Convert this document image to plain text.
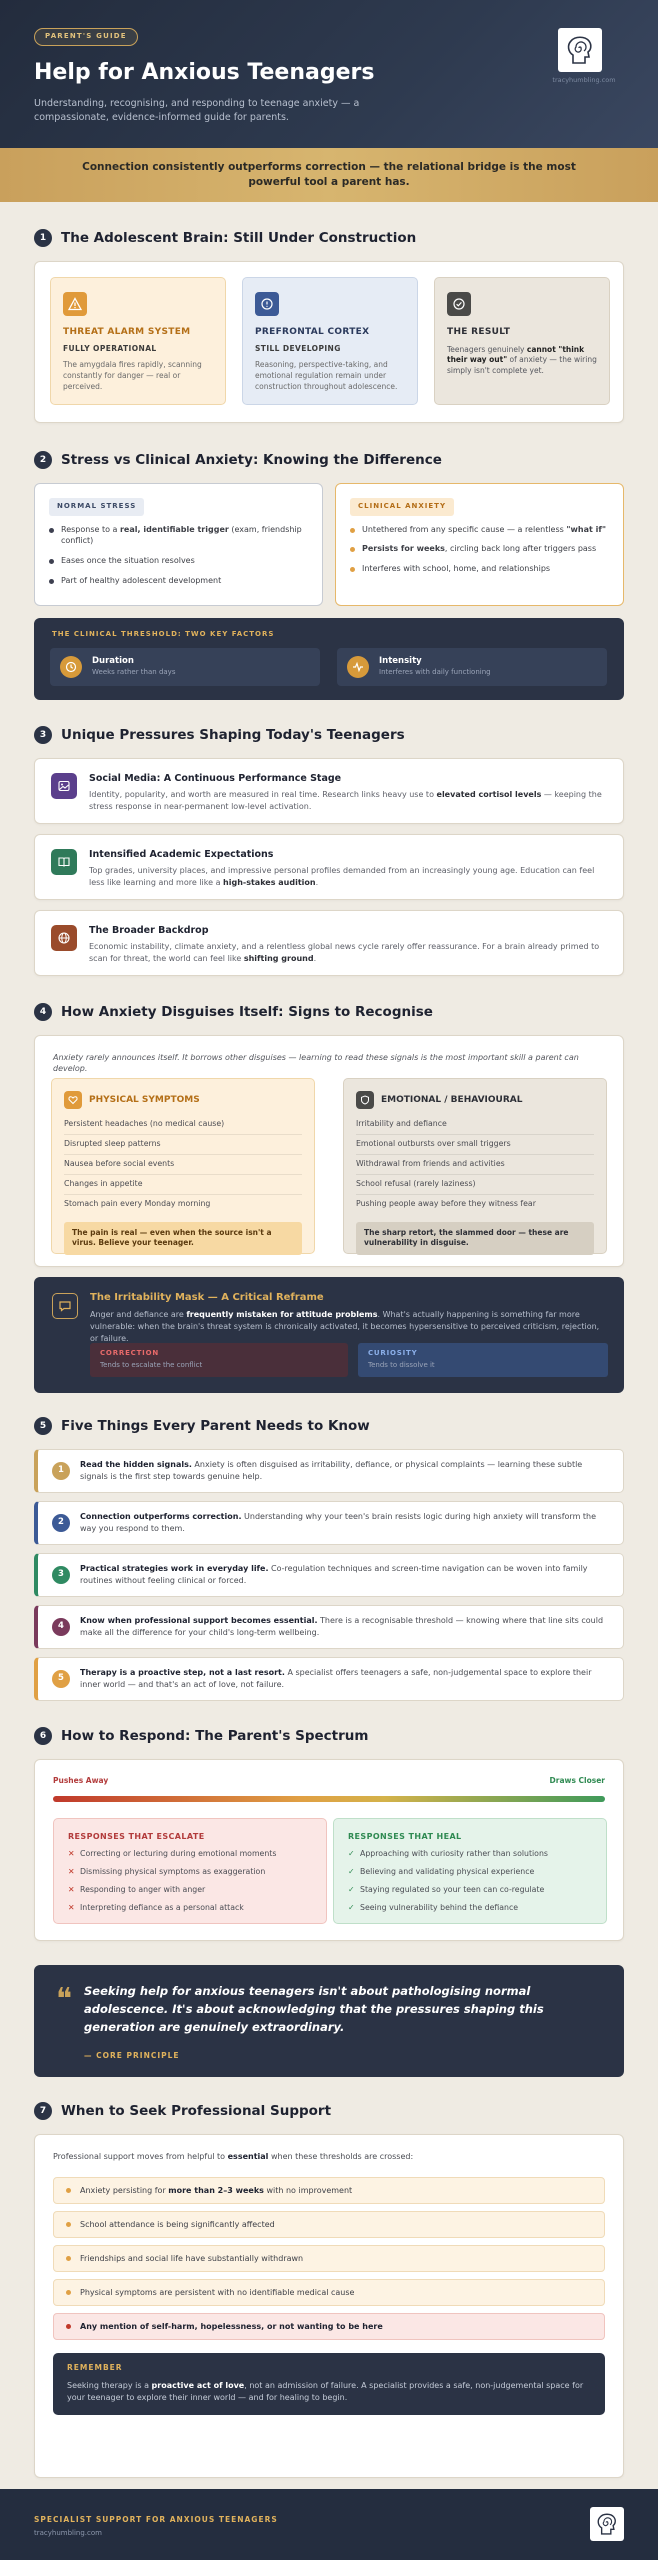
PARENT'S GUIDE
Help for Anxious Teenagers
Understanding, recognising, and responding to teenage anxiety — a compassionate, evidence-informed guide for parents.
tracyhumbling.com
Connection consistently outperforms correction — the relational bridge is the most powerful tool a parent has.
1	The Adolescent Brain: Still Under Construction
THREAT ALARM SYSTEM
FULLY OPERATIONAL
The amygdala fires rapidly, scanning constantly for danger — real or perceived.
PREFRONTAL CORTEX
STILL DEVELOPING
Reasoning, perspective-taking, and emotional regulation remain under construction throughout adolescence.
THE RESULT
Teenagers genuinely cannot "think their way out" of anxiety — the wiring simply isn't complete yet.
2	Stress vs Clinical Anxiety: Knowing the Difference
NORMAL STRESS
Response to a real, identifiable trigger (exam, friendship conflict)
Eases once the situation resolves
Part of healthy adolescent development
CLINICAL ANXIETY
Untethered from any specific cause — a relentless "what if"
Persists for weeks, circling back long after triggers pass
Interferes with school, home, and relationships
THE CLINICAL THRESHOLD: TWO KEY FACTORS
Duration
Weeks rather than days
Intensity
Interferes with daily functioning
3	Unique Pressures Shaping Today's Teenagers
Social Media: A Continuous Performance Stage
Identity, popularity, and worth are measured in real time. Research links heavy use to elevated cortisol levels — keeping the stress response in near-permanent low-level activation.
Intensified Academic Expectations
Top grades, university places, and impressive personal profiles demanded from an increasingly young age. Education can feel less like learning and more like a high-stakes audition.
The Broader Backdrop
Economic instability, climate anxiety, and a relentless global news cycle rarely offer reassurance. For a brain already primed to scan for threat, the world can feel like shifting ground.
4	How Anxiety Disguises Itself: Signs to Recognise
Anxiety rarely announces itself. It borrows other disguises — learning to read these signals is the most important skill a parent can develop.
PHYSICAL SYMPTOMS
Persistent headaches (no medical cause)
Disrupted sleep patterns
Nausea before social events
Changes in appetite
Stomach pain every Monday morning
The pain is real — even when the source isn't a virus. Believe your teenager.
EMOTIONAL / BEHAVIOURAL
Irritability and defiance
Emotional outbursts over small triggers
Withdrawal from friends and activities
School refusal (rarely laziness)
Pushing people away before they witness fear
The sharp retort, the slammed door — these are vulnerability in disguise.
The Irritability Mask — A Critical Reframe
Anger and defiance are frequently mistaken for attitude problems. What's actually happening is something far more vulnerable: when the brain's threat system is chronically activated, it becomes hypersensitive to perceived criticism, rejection, or failure.
CORRECTION
Tends to escalate the conflict
CURIOSITY
Tends to dissolve it
5	Five Things Every Parent Needs to Know
1
Read the hidden signals. Anxiety is often disguised as irritability, defiance, or physical complaints — learning these subtle signals is the first step towards genuine help.
2
Connection outperforms correction. Understanding why your teen's brain resists logic during high anxiety will transform the way you respond to them.
3
Practical strategies work in everyday life. Co-regulation techniques and screen-time navigation can be woven into family routines without feeling clinical or forced.
4
Know when professional support becomes essential. There is a recognisable threshold — knowing where that line sits could make all the difference for your child's long-term wellbeing.
5
Therapy is a proactive step, not a last resort. A specialist offers teenagers a safe, non-judgemental space to explore their inner world — and that's an act of love, not failure.
6	How to Respond: The Parent's Spectrum
Pushes Away	Draws Closer
RESPONSES THAT ESCALATE
✕ Correcting or lecturing during emotional moments
✕ Dismissing physical symptoms as exaggeration
✕ Responding to anger with anger
✕ Interpreting defiance as a personal attack
RESPONSES THAT HEAL
✓ Approaching with curiosity rather than solutions
✓ Believing and validating physical experience
✓ Staying regulated so your teen can co-regulate
✓ Seeing vulnerability behind the defiance
❝ Seeking help for anxious teenagers isn't about pathologising normal adolescence. It's about acknowledging that the pressures shaping this generation are genuinely extraordinary.
— CORE PRINCIPLE
7	When to Seek Professional Support
Professional support moves from helpful to essential when these thresholds are crossed:
Anxiety persisting for more than 2–3 weeks with no improvement
School attendance is being significantly affected
Friendships and social life have substantially withdrawn
Physical symptoms are persistent with no identifiable medical cause
Any mention of self-harm, hopelessness, or not wanting to be here
REMEMBER
Seeking therapy is a proactive act of love, not an admission of failure. A specialist provides a safe, non-judgemental space for your teenager to explore their inner world — and for healing to begin.
SPECIALIST SUPPORT FOR ANXIOUS TEENAGERS
tracyhumbling.com
